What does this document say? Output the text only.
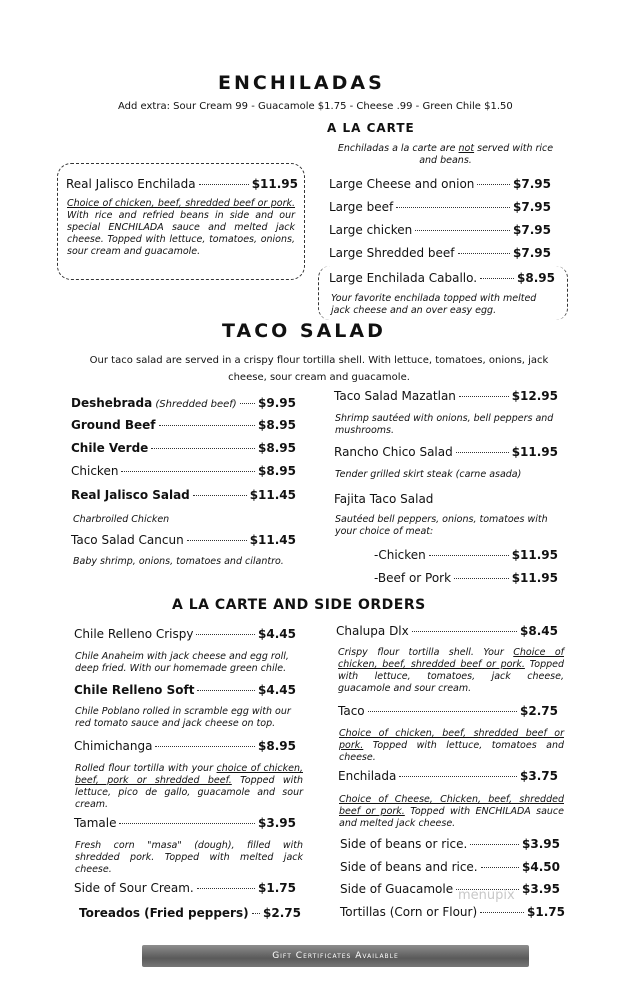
ENCHILADAS
Add extra: Sour Cream 99 - Guacamole $1.75 - Cheese .99 - Green Chile $1.50
A LA CARTE
Enchiladas a la carte are not served with rice and beans.
Real Jalisco Enchilada	$11.95
Choice of chicken, beef, shredded beef or pork. With rice and refried beans in side and our special ENCHILADA sauce and melted jack cheese. Topped with lettuce, tomatoes, onions, sour cream and guacamole.
Large Cheese and onion	$7.95
Large beef	$7.95
Large chicken	$7.95
Large Shredded beef	$7.95
Large Enchilada Caballo.	$8.95
Your favorite enchilada topped with melted jack cheese and an over easy egg.
TACO SALAD
Our taco salad are served in a crispy flour tortilla shell. With lettuce, tomatoes, onions, jack cheese, sour cream and guacamole.
Deshebrada (Shredded beef) $9.95
Ground Beef	$8.95
Chile Verde	$8.95
Chicken	$8.95
Real Jalisco Salad	$11.45
Charbroiled Chicken
Taco Salad Cancun	$11.45
Baby shrimp, onions, tomatoes and cilantro.
Taco Salad Mazatlan	$12.95
Shrimp sautéed with onions, bell peppers and mushrooms.
Rancho Chico Salad	$11.95
Tender grilled skirt steak (carne asada)
Fajita Taco Salad
Sautéed bell peppers, onions, tomatoes with your choice of meat:
-Chicken	$11.95
-Beef or Pork	$11.95
A LA CARTE AND SIDE ORDERS
Chile Relleno Crispy	$4.45
Chile Anaheim with jack cheese and egg roll, deep fried. With our homemade green chile.
Chile Relleno Soft	$4.45
Chile Poblano rolled in scramble egg with our red tomato sauce and jack cheese on top.
Chimichanga	$8.95
Rolled flour tortilla with your choice of chicken, beef, pork or shredded beef. Topped with lettuce, pico de gallo, guacamole and sour cream.
Tamale	$3.95
Fresh corn "masa" (dough), filled with shredded pork. Topped with melted jack cheese.
Side of Sour Cream.	$1.75
Toreados (Fried peppers) $2.75
Chalupa Dlx	$8.45
Crispy flour tortilla shell. Your Choice of chicken, beef, shredded beef or pork. Topped with lettuce, tomatoes, jack cheese, guacamole and sour cream.
Taco	$2.75
Choice of chicken, beef, shredded beef or pork. Topped with lettuce, tomatoes and cheese.
Enchilada	$3.75
Choice of Cheese, Chicken, beef, shredded beef or pork. Topped with ENCHILADA sauce and melted jack cheese.
Side of beans or rice.	$3.95
Side of beans and rice.	$4.50
Side of Guacamole	$3.95
Tortillas (Corn or Flour)	$1.75
menupix
Gift Certificates Available
